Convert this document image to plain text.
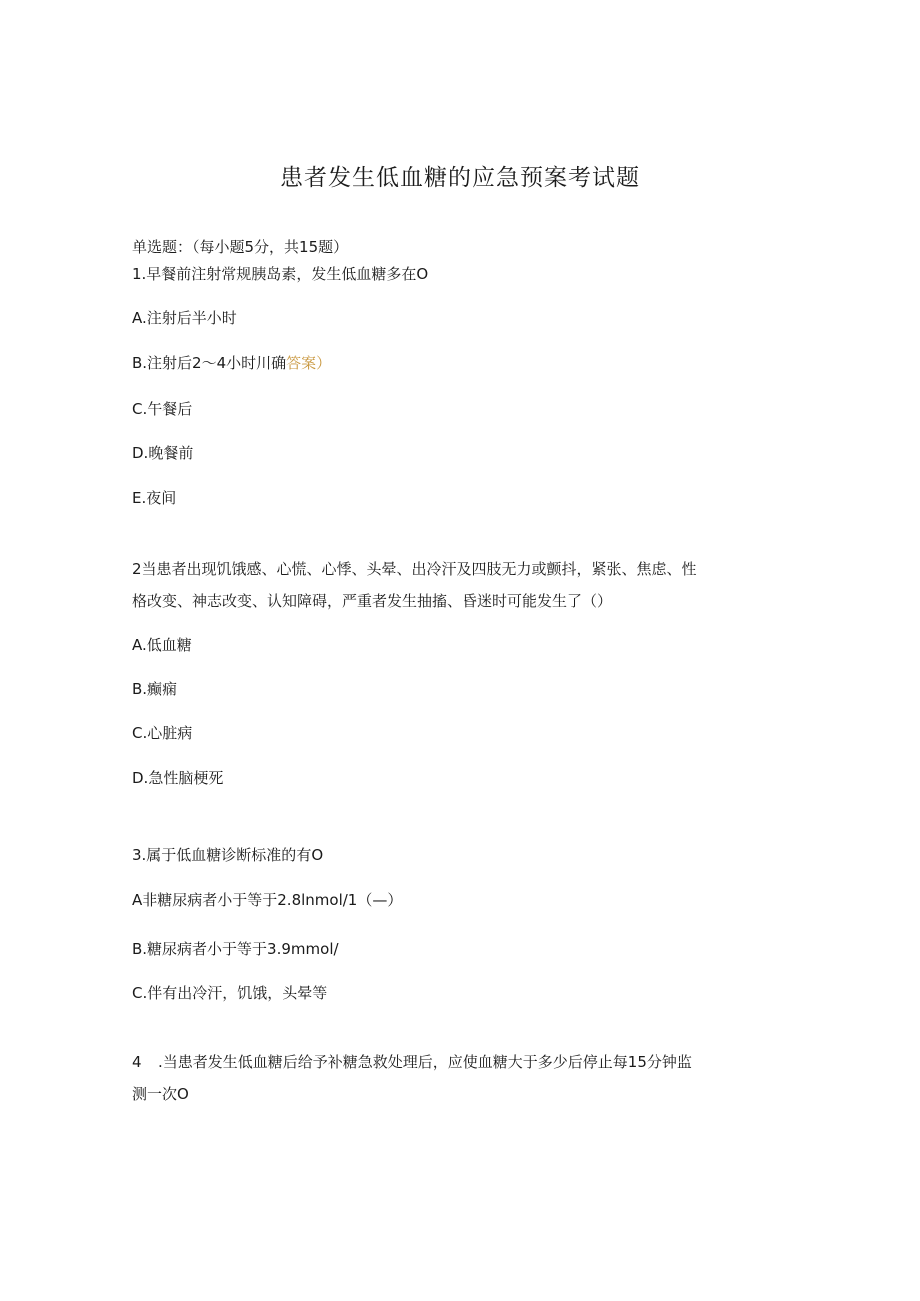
患者发生低血糖的应急预案考试题
单选题：（每小题5分，共15题）
1.早餐前注射常规胰岛素，发生低血糖多在O
A.注射后半小时
B.注射后2〜4小时川确答案）
C.午餐后
D.晚餐前
E.夜间
2当患者出现饥饿感、心慌、心悸、头晕、出冷汗及四肢无力或颤抖，紧张、焦虑、性
格改变、神志改变、认知障碍，严重者发生抽搐、昏迷时可能发生了（）
A.低血糖
B.癫痫
C.心脏病
D.急性脑梗死
3.属于低血糖诊断标准的有O
A非糖尿病者小于等于2.8lnmol/1（—）
B.糖尿病者小于等于3.9mmol/
C.伴有出冷汗，饥饿，头晕等
4 .当患者发生低血糖后给予补糖急救处理后，应使血糖大于多少后停止每15分钟监
测一次O
